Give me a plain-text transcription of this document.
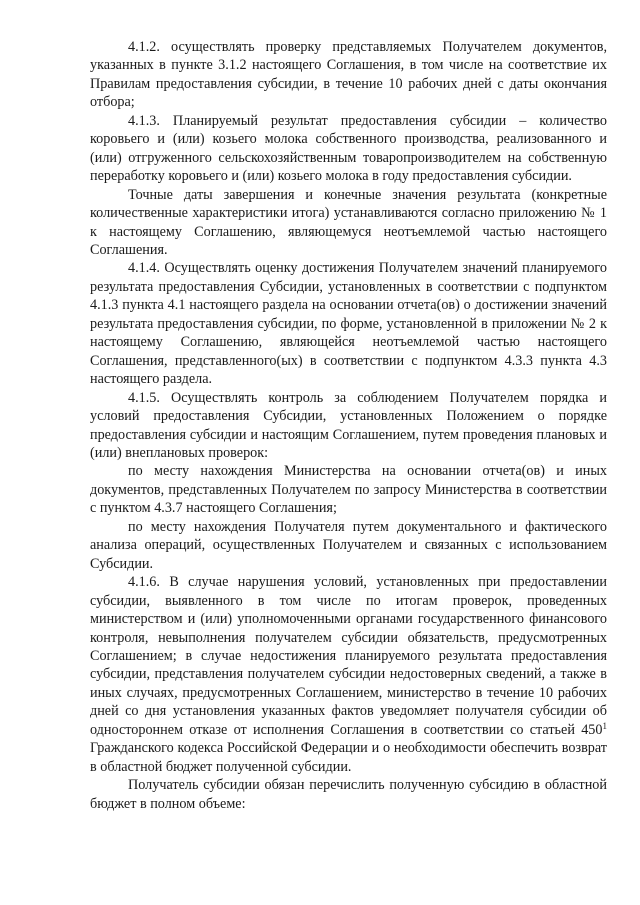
4.1.2. осуществлять проверку представляемых Получателем документов, указанных в пункте 3.1.2 настоящего Соглашения, в том числе на соответствие их Правилам предоставления субсидии, в течение 10 рабочих дней с даты окончания отбора;

4.1.3. Планируемый результат предоставления субсидии – количество коровьего и (или) козьего молока собственного производства, реализованного и (или) отгруженного сельскохозяйственным товаропроизводителем на собственную переработку коровьего и (или) козьего молока в году предоставления субсидии.

Точные даты завершения и конечные значения результата (конкретные количественные характеристики итога) устанавливаются согласно приложению № 1 к настоящему Соглашению, являющемуся неотъемлемой частью настоящего Соглашения.

4.1.4. Осуществлять оценку достижения Получателем значений планируемого результата предоставления Субсидии, установленных в соответствии с подпунктом 4.1.3 пункта 4.1 настоящего раздела на основании отчета(ов) о достижении значений результата предоставления субсидии, по форме, установленной в приложении № 2 к настоящему Соглашению, являющейся неотъемлемой частью настоящего Соглашения, представленного(ых) в соответствии с подпунктом 4.3.3 пункта 4.3 настоящего раздела.

4.1.5. Осуществлять контроль за соблюдением Получателем порядка и условий предоставления Субсидии, установленных Положением о порядке предоставления субсидии и настоящим Соглашением, путем проведения плановых и (или) внеплановых проверок:

по месту нахождения Министерства на основании отчета(ов) и иных документов, представленных Получателем по запросу Министерства в соответствии с пунктом 4.3.7 настоящего Соглашения;

по месту нахождения Получателя путем документального и фактического анализа операций, осуществленных Получателем и связанных с использованием Субсидии.

4.1.6. В случае нарушения условий, установленных при предоставлении субсидии, выявленного в том числе по итогам проверок, проведенных министерством и (или) уполномоченными органами государственного финансового контроля, невыполнения получателем субсидии обязательств, предусмотренных Соглашением; в случае недостижения планируемого результата предоставления субсидии, представления получателем субсидии недостоверных сведений, а также в иных случаях, предусмотренных Соглашением, министерство в течение 10 рабочих дней со дня установления указанных фактов уведомляет получателя субсидии об одностороннем отказе от исполнения Соглашения в соответствии со статьей $450^1$ Гражданского кодекса Российской Федерации и о необходимости обеспечить возврат в областной бюджет полученной субсидии.

Получатель субсидии обязан перечислить полученную субсидию в областной бюджет в полном объеме:
